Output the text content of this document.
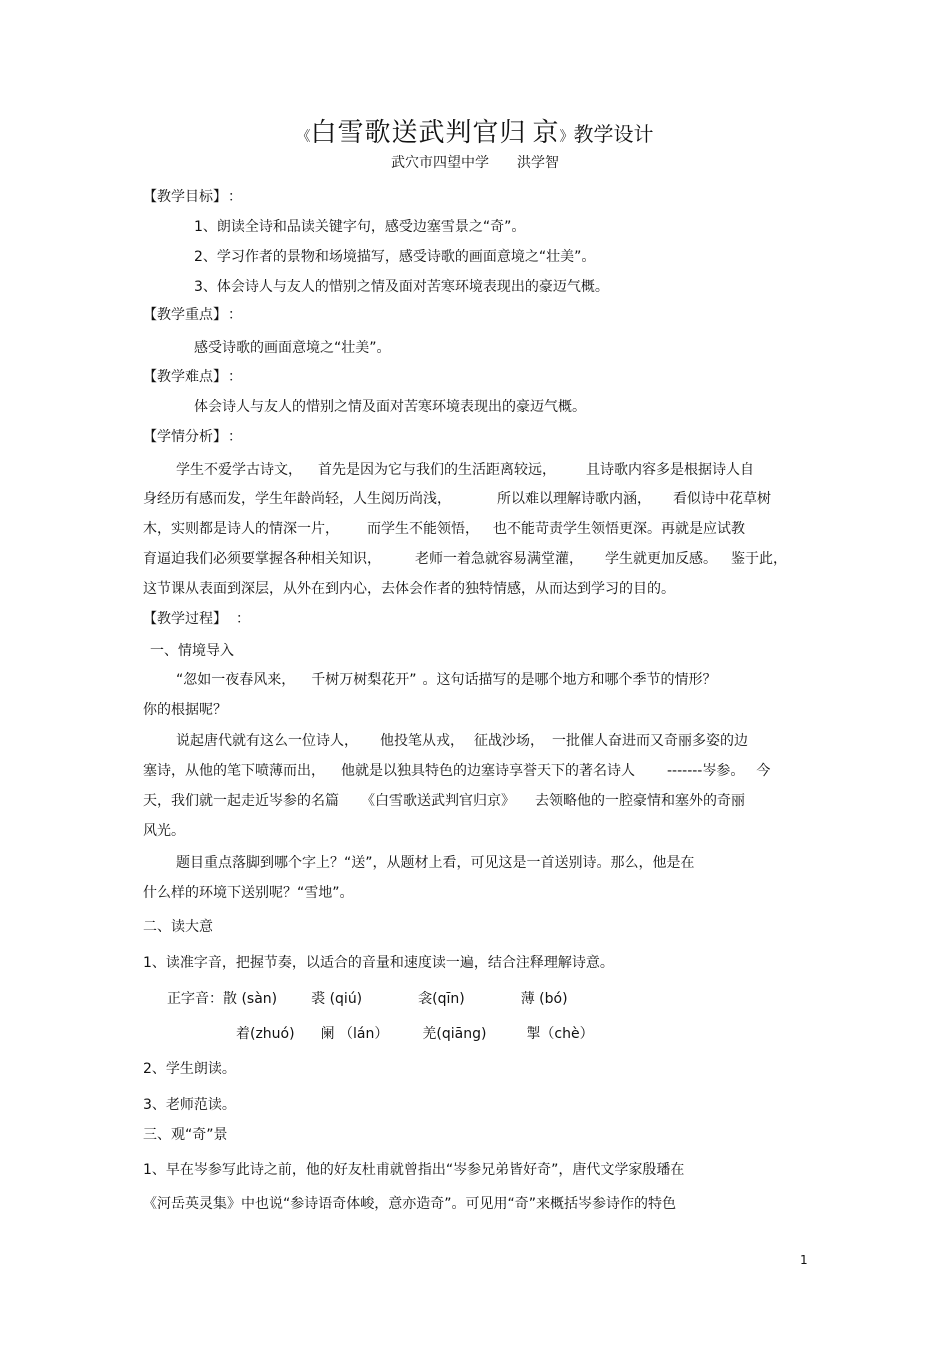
《白雪歌送武判官归 京》教学设计
武穴市四望中学 洪学智
【教学目标】 ：
1、朗读全诗和品读关键字句，感受边塞雪景之“奇”。
2、学习作者的景物和场境描写，感受诗歌的画面意境之“壮美”。
3、体会诗人与友人的惜别之情及面对苦寒环境表现出的豪迈气概。
【教学重点】 ：
感受诗歌的画面意境之“壮美”。
【教学难点】 ：
体会诗人与友人的惜别之情及面对苦寒环境表现出的豪迈气概。
【学情分析】 ：
学生不爱学古诗文， 首先是因为它与我们的生活距离较远， 且诗歌内容多是根据诗人自
身经历有感而发，学生年龄尚轻，人生阅历尚浅，	所以难以理解诗歌内涵， 看似诗中花草树
木，实则都是诗人的情深一片， 而学生不能领悟， 也不能苛责学生领悟更深。再就是应试教
育逼迫我们必须要掌握各种相关知识， 老师一着急就容易满堂灌， 学生就更加反感。 鉴于此，
这节课从表面到深层，从外在到内心，去体会作者的独特情感，从而达到学习的目的。
【教学过程】 ：
一、情境导入
“忽如一夜春风来， 千树万树梨花开” 。这句话描写的是哪个地方和哪个季节的情形？
你的根据呢？
说起唐代就有这么一位诗人， 他投笔从戎， 征战沙场， 一批催人奋进而又奇丽多姿的边
塞诗，从他的笔下喷薄而出， 他就是以独具特色的边塞诗享誉天下的著名诗人 -------岑参。 今
天，我们就一起走近岑参的名篇 《白雪歌送武判官归京》 去领略他的一腔豪情和塞外的奇丽
风光。
题目重点落脚到哪个字上？“送”，从题材上看，可见这是一首送别诗。那么，他是在
什么样的环境下送别呢？“雪地”。
二、读大意
1、读准字音，把握节奏，以适合的音量和速度读一遍，结合注释理解诗意。
正字音：散 (sàn) 裘 (qiú)	衾(qīn)	薄 (bó)
着(zhuó) 阑 （lán） 羌(qiāng)	掣（chè）
2、学生朗读。
3、老师范读。
三、观“奇”景
1、早在岑参写此诗之前，他的好友杜甫就曾指出“岑参兄弟皆好奇”，唐代文学家殷璠在
《河岳英灵集》中也说“参诗语奇体峻，意亦造奇”。可见用“奇”来概括岑参诗作的特色
1
